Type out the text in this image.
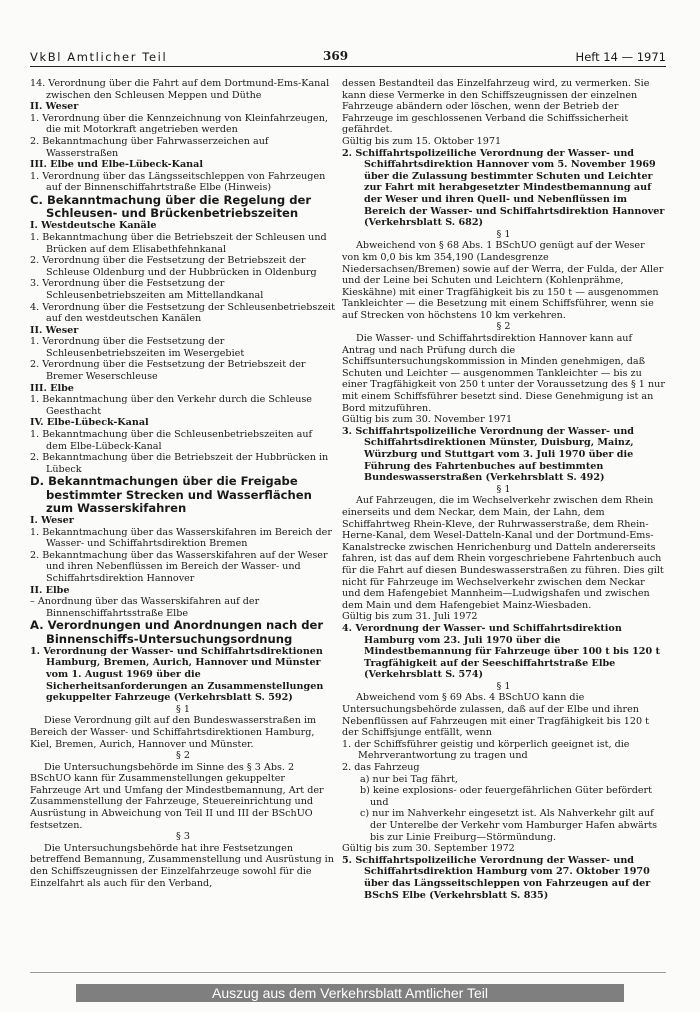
VkBl Amtlicher Teil	369	Heft 14 — 1971

14. Verordnung über die Fahrt auf dem Dortmund-Ems-Kanal zwischen den Schleusen Meppen und Düthe

II. Weser

1. Verordnung über die Kennzeichnung von Kleinfahrzeugen, die mit Motorkraft angetrieben werden

2. Bekanntmachung über Fahrwasserzeichen auf Wasserstraßen

III. Elbe und Elbe-Lübeck-Kanal

1. Verordnung über das Längsseitschleppen von Fahrzeugen auf der Binnenschiffahrtstraße Elbe (Hinweis)

C. Bekanntmachung über die Regelung der Schleusen- und Brückenbetriebszeiten

I. Westdeutsche Kanäle

1. Bekanntmachung über die Betriebszeit der Schleusen und Brücken auf dem Elisabethfehnkanal

2. Verordnung über die Festsetzung der Betriebszeit der Schleuse Oldenburg und der Hubbrücken in Oldenburg

3. Verordnung über die Festsetzung der Schleusenbetriebszeiten am Mittellandkanal

4. Verordnung über die Festsetzung der Schleusenbetriebszeit auf den westdeutschen Kanälen

II. Weser

1. Verordnung über die Festsetzung der Schleusenbetriebszeiten im Wesergebiet

2. Verordnung über die Festsetzung der Betriebszeit der Bremer Weserschleuse

III. Elbe

1. Bekanntmachung über den Verkehr durch die Schleuse Geesthacht

IV. Elbe-Lübeck-Kanal

1. Bekanntmachung über die Schleusenbetriebszeiten auf dem Elbe-Lübeck-Kanal

2. Bekanntmachung über die Betriebszeit der Hubbrücken in Lübeck

D. Bekanntmachungen über die Freigabe bestimmter Strecken und Wasserflächen zum Wasserskifahren

I. Weser

1. Bekanntmachung über das Wasserskifahren im Bereich der Wasser- und Schiffahrtsdirektion Bremen

2. Bekanntmachung über das Wasserskifahren auf der Weser und ihren Nebenflüssen im Bereich der Wasser- und Schiffahrtsdirektion Hannover

II. Elbe

– Anordnung über das Wasserskifahren auf der Binnenschiffahrtsstraße Elbe

A. Verordnungen und Anordnungen nach der Binnenschiffs-Untersuchungsordnung

1. Verordnung der Wasser- und Schiffahrtsdirektionen Hamburg, Bremen, Aurich, Hannover und Münster vom 1. August 1969 über die Sicherheitsanforderungen an Zusammenstellungen gekuppelter Fahrzeuge (Verkehrsblatt S. 592)

§ 1

Diese Verordnung gilt auf den Bundeswasserstraßen im Bereich der Wasser- und Schiffahrtsdirektionen Hamburg, Kiel, Bremen, Aurich, Hannover und Münster.

§ 2

Die Untersuchungsbehörde im Sinne des § 3 Abs. 2 BSchUO kann für Zusammenstellungen gekuppelter Fahrzeuge Art und Umfang der Mindestbemannung, Art der Zusammenstellung der Fahrzeuge, Steuereinrichtung und Ausrüstung in Abweichung von Teil II und III der BSchUO festsetzen.

§ 3

Die Untersuchungsbehörde hat ihre Festsetzungen betreffend Bemannung, Zusammenstellung und Ausrüstung in den Schiffszeugnissen der Einzelfahrzeuge sowohl für die Einzelfahrt als auch für den Verband,

dessen Bestandteil das Einzelfahrzeug wird, zu vermerken. Sie kann diese Vermerke in den Schiffszeugnissen der einzelnen Fahrzeuge abändern oder löschen, wenn der Betrieb der Fahrzeuge im geschlossenen Verband die Schiffssicherheit gefährdet.

Gültig bis zum 15. Oktober 1971

2. Schiffahrtspolizeiliche Verordnung der Wasser- und Schiffahrtsdirektion Hannover vom 5. November 1969 über die Zulassung bestimmter Schuten und Leichter zur Fahrt mit herabgesetzter Mindestbemannung auf der Weser und ihren Quell- und Nebenflüssen im Bereich der Wasser- und Schiffahrtsdirektion Hannover (Verkehrsblatt S. 682)

§ 1

Abweichend von § 68 Abs. 1 BSchUO genügt auf der Weser von km 0,0 bis km 354,190 (Landesgrenze Niedersachsen/Bremen) sowie auf der Werra, der Fulda, der Aller und der Leine bei Schuten und Leichtern (Kohlenprähme, Kieskähne) mit einer Tragfähigkeit bis zu 150 t — ausgenommen Tankleichter — die Besetzung mit einem Schiffsführer, wenn sie auf Strecken von höchstens 10 km verkehren.

§ 2

Die Wasser- und Schiffahrtsdirektion Hannover kann auf Antrag und nach Prüfung durch die Schiffsuntersuchungskommission in Minden genehmigen, daß Schuten und Leichter — ausgenommen Tankleichter — bis zu einer Tragfähigkeit von 250 t unter der Voraussetzung des § 1 nur mit einem Schiffsführer besetzt sind. Diese Genehmigung ist an Bord mitzuführen.

Gültig bis zum 30. November 1971

3. Schiffahrtspolizeiliche Verordnung der Wasser- und Schiffahrtsdirektionen Münster, Duisburg, Mainz, Würzburg und Stuttgart vom 3. Juli 1970 über die Führung des Fahrtenbuches auf bestimmten Bundeswasserstraßen (Verkehrsblatt S. 492)

§ 1

Auf Fahrzeugen, die im Wechselverkehr zwischen dem Rhein einerseits und dem Neckar, dem Main, der Lahn, dem Schiffahrtweg Rhein-Kleve, der Ruhrwasserstraße, dem Rhein-Herne-Kanal, dem Wesel-Datteln-Kanal und der Dortmund-Ems-Kanalstrecke zwischen Henrichenburg und Datteln andererseits fahren, ist das auf dem Rhein vorgeschriebene Fahrtenbuch auch für die Fahrt auf diesen Bundeswasserstraßen zu führen. Dies gilt nicht für Fahrzeuge im Wechselverkehr zwischen dem Neckar und dem Hafengebiet Mannheim—Ludwigshafen und zwischen dem Main und dem Hafengebiet Mainz-Wiesbaden.

Gültig bis zum 31. Juli 1972

4. Verordnung der Wasser- und Schiffahrtsdirektion Hamburg vom 23. Juli 1970 über die Mindestbemannung für Fahrzeuge über 100 t bis 120 t Tragfähigkeit auf der Seeschiffahrtstraße Elbe (Verkehrsblatt S. 574)

§ 1

Abweichend vom § 69 Abs. 4 BSchUO kann die Untersuchungsbehörde zulassen, daß auf der Elbe und ihren Nebenflüssen auf Fahrzeugen mit einer Tragfähigkeit bis 120 t der Schiffsjunge entfällt, wenn

1. der Schiffsführer geistig und körperlich geeignet ist, die Mehrverantwortung zu tragen und

2. das Fahrzeug

a) nur bei Tag fährt,

b) keine explosions- oder feuergefährlichen Güter befördert und

c) nur im Nahverkehr eingesetzt ist. Als Nahverkehr gilt auf der Unterelbe der Verkehr vom Hamburger Hafen abwärts bis zur Linie Freiburg—Störmündung.

Gültig bis zum 30. September 1972

5. Schiffahrtspolizeiliche Verordnung der Wasser- und Schiffahrtsdirektion Hamburg vom 27. Oktober 1970 über das Längsseitschleppen von Fahrzeugen auf der BSchS Elbe (Verkehrsblatt S. 835)

Auszug aus dem Verkehrsblatt Amtlicher Teil
